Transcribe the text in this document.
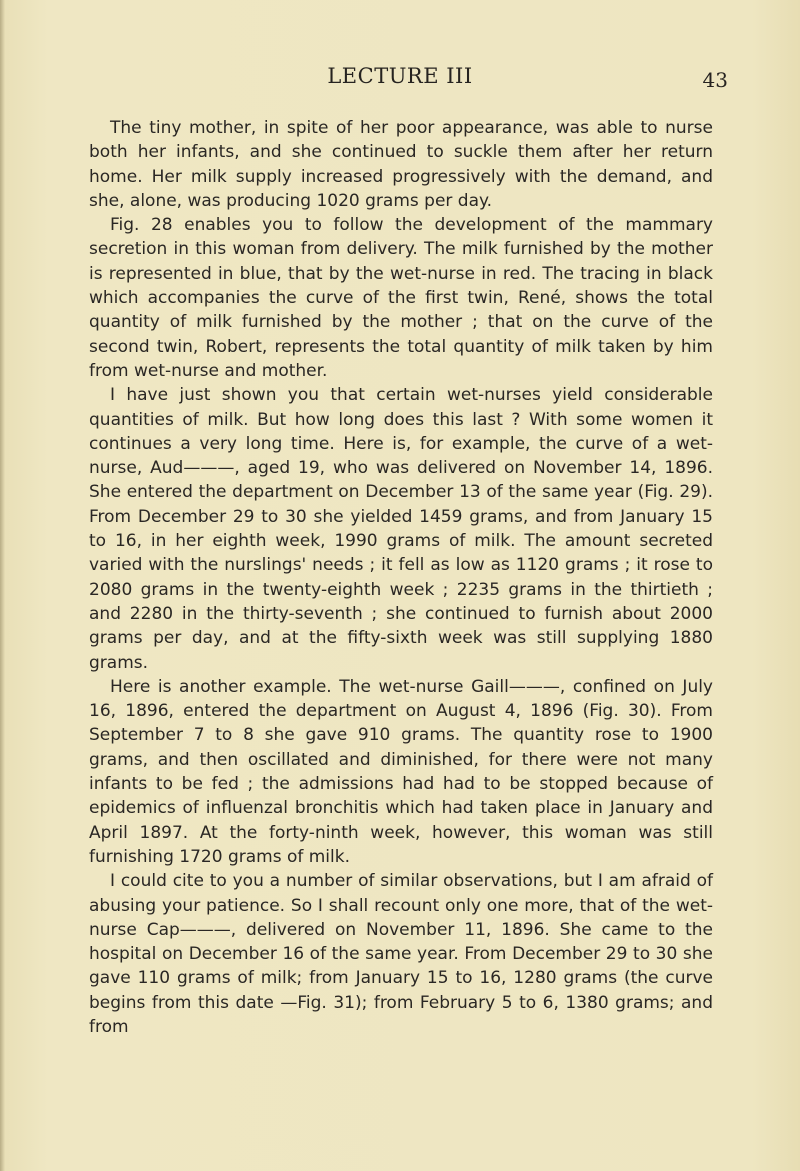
LECTURE III	43

The tiny mother, in spite of her poor appearance, was able to nurse both her infants, and she continued to suckle them after her return home. Her milk supply increased progressively with the demand, and she, alone, was producing 1020 grams per day.

Fig. 28 enables you to follow the development of the mammary secretion in this woman from delivery. The milk furnished by the mother is represented in blue, that by the wet-nurse in red. The tracing in black which accompanies the curve of the first twin, René, shows the total quantity of milk furnished by the mother ; that on the curve of the second twin, Robert, represents the total quantity of milk taken by him from wet-nurse and mother.

I have just shown you that certain wet-nurses yield considerable quantities of milk. But how long does this last ? With some women it continues a very long time. Here is, for example, the curve of a wet-nurse, Aud———, aged 19, who was delivered on November 14, 1896. She entered the department on December 13 of the same year (Fig. 29). From December 29 to 30 she yielded 1459 grams, and from January 15 to 16, in her eighth week, 1990 grams of milk. The amount secreted varied with the nurslings' needs ; it fell as low as 1120 grams ; it rose to 2080 grams in the twenty-eighth week ; 2235 grams in the thirtieth ; and 2280 in the thirty-seventh ; she continued to furnish about 2000 grams per day, and at the fifty-sixth week was still supplying 1880 grams.

Here is another example. The wet-nurse Gaill———, confined on July 16, 1896, entered the department on August 4, 1896 (Fig. 30). From September 7 to 8 she gave 910 grams. The quantity rose to 1900 grams, and then oscillated and diminished, for there were not many infants to be fed ; the admissions had had to be stopped because of epidemics of influenzal bronchitis which had taken place in January and April 1897. At the forty-ninth week, however, this woman was still furnishing 1720 grams of milk.

I could cite to you a number of similar observations, but I am afraid of abusing your patience. So I shall recount only one more, that of the wet-nurse Cap———, delivered on November 11, 1896. She came to the hospital on December 16 of the same year. From December 29 to 30 she gave 110 grams of milk; from January 15 to 16, 1280 grams (the curve begins from this date —Fig. 31); from February 5 to 6, 1380 grams; and from
